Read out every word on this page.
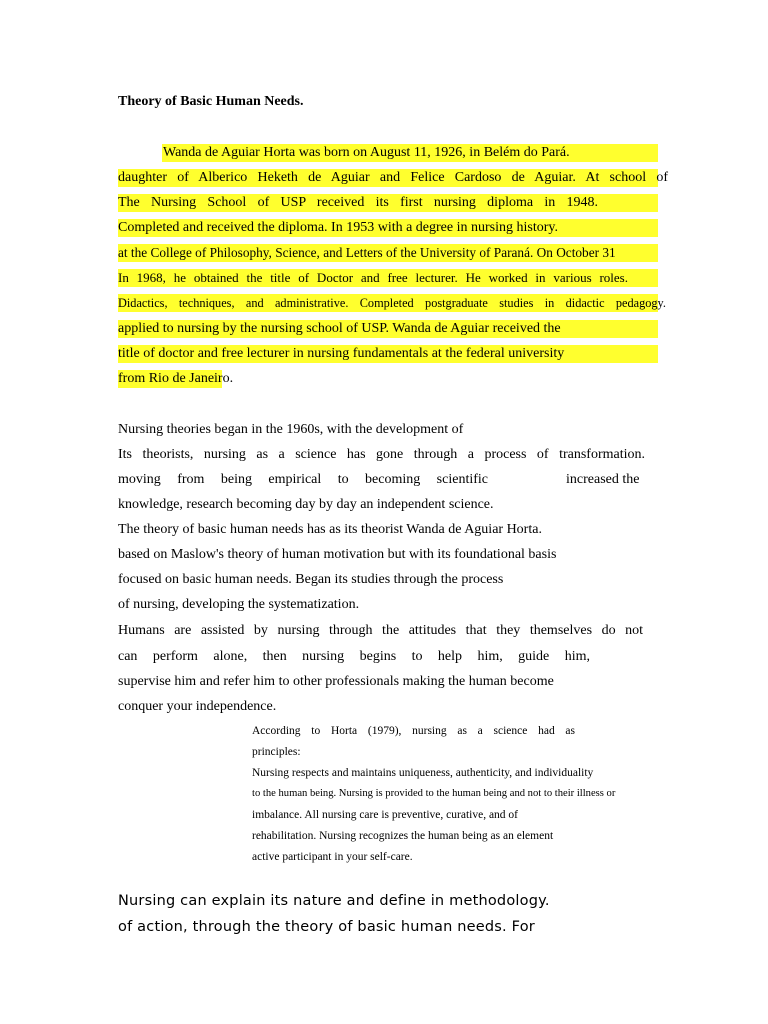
Theory of Basic Human Needs.
Wanda de Aguiar Horta was born on August 11, 1926, in Belém do Pará.
daughter of Alberico Heketh de Aguiar and Felice Cardoso de Aguiar. At school of
The Nursing School of USP received its first nursing diploma in 1948.
Completed and received the diploma. In 1953 with a degree in nursing history.
at the College of Philosophy, Science, and Letters of the University of Paraná. On October 31
In 1968, he obtained the title of Doctor and free lecturer. He worked in various roles.
Didactics, techniques, and administrative. Completed postgraduate studies in didactic pedagogy.
applied to nursing by the nursing school of USP. Wanda de Aguiar received the
title of doctor and free lecturer in nursing fundamentals at the federal university
from Rio de Janeiro.
Nursing theories began in the 1960s, with the development of
Its theorists, nursing as a science has gone through a process of transformation.
moving from being empirical to becoming scientific	increased the
knowledge, research becoming day by day an independent science.
The theory of basic human needs has as its theorist Wanda de Aguiar Horta.
based on Maslow's theory of human motivation but with its foundational basis
focused on basic human needs. Began its studies through the process
of nursing, developing the systematization.
Humans are assisted by nursing through the attitudes that they themselves do not
can perform alone, then nursing begins to help him, guide him,
supervise him and refer him to other professionals making the human become
conquer your independence.
According to Horta (1979), nursing as a science had as
principles:
Nursing respects and maintains uniqueness, authenticity, and individuality
to the human being. Nursing is provided to the human being and not to their illness or
imbalance. All nursing care is preventive, curative, and of
rehabilitation. Nursing recognizes the human being as an element
active participant in your self-care.
Nursing can explain its nature and define in methodology.
of action, through the theory of basic human needs. For
